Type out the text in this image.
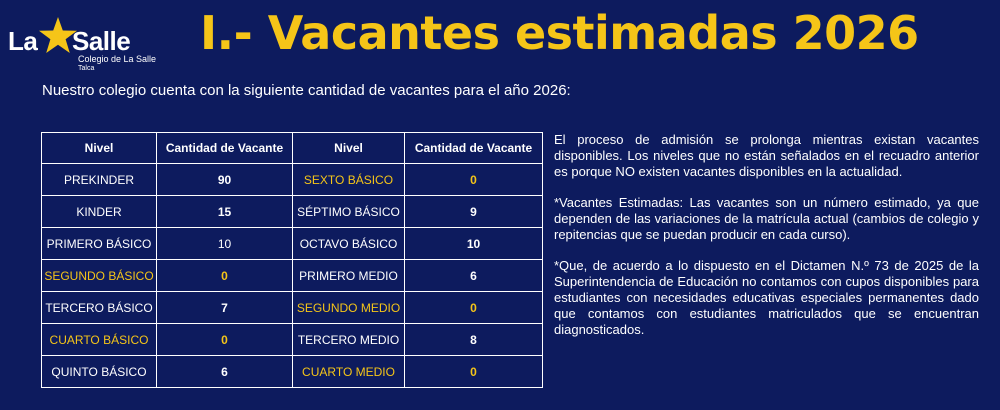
La Salle
Colegio de La Salle
Talca
I.- Vacantes estimadas 2026
Nuestro colegio cuenta con la siguiente cantidad de vacantes para el año 2026:
Nivel	Cantidad de Vacante	Nivel	Cantidad de Vacante
PREKINDER	90	SEXTO BÁSICO	0
KINDER	15	SÉPTIMO BÁSICO	9
PRIMERO BÁSICO	10	OCTAVO BÁSICO	10
SEGUNDO BÁSICO	0	PRIMERO MEDIO	6
TERCERO BÁSICO	7	SEGUNDO MEDIO	0
CUARTO BÁSICO	0	TERCERO MEDIO	8
QUINTO BÁSICO	6	CUARTO MEDIO	0

El proceso de admisión se prolonga mientras existan vacantes disponibles. Los niveles que no están señalados en el recuadro anterior es porque NO existen vacantes disponibles en la actualidad.

*Vacantes Estimadas: Las vacantes son un número estimado, ya que dependen de las variaciones de la matrícula actual (cambios de colegio y repitencias que se puedan producir en cada curso).

*Que, de acuerdo a lo dispuesto en el Dictamen N.º 73 de 2025 de la Superintendencia de Educación no contamos con cupos disponibles para estudiantes con necesidades educativas especiales permanentes dado que contamos con estudiantes matriculados que se encuentran diagnosticados.
